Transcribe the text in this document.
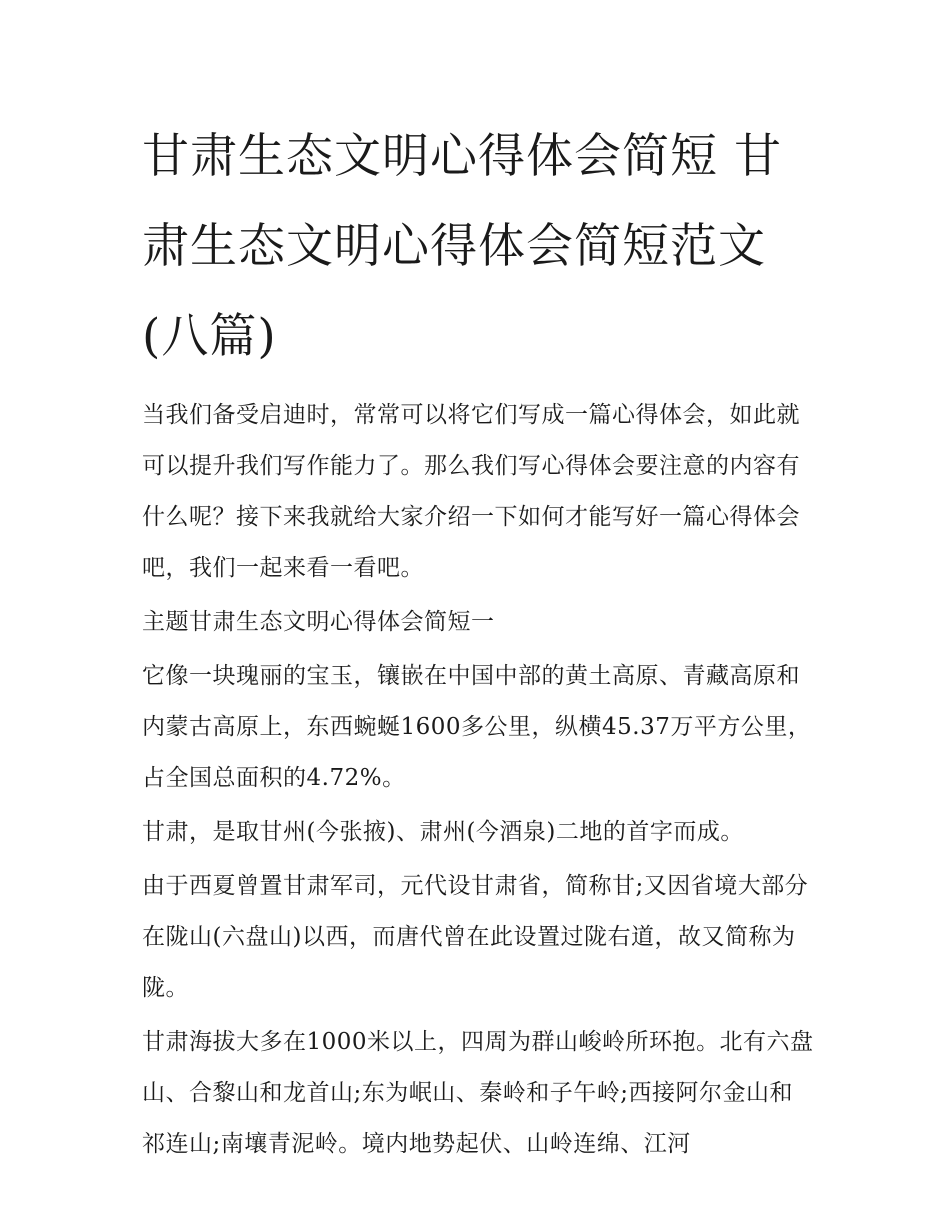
甘肃生态文明心得体会简短 甘肃生态文明心得体会简短范文(八篇)

当我们备受启迪时，常常可以将它们写成一篇心得体会，如此就可以提升我们写作能力了。那么我们写心得体会要注意的内容有什么呢？接下来我就给大家介绍一下如何才能写好一篇心得体会吧，我们一起来看一看吧。

主题甘肃生态文明心得体会简短一

它像一块瑰丽的宝玉，镶嵌在中国中部的黄土高原、青藏高原和内蒙古高原上，东西蜿蜒1600多公里，纵横45.37万平方公里，占全国总面积的4.72%。

甘肃，是取甘州(今张掖)、肃州(今酒泉)二地的首字而成。

由于西夏曾置甘肃军司，元代设甘肃省，简称甘;又因省境大部分在陇山(六盘山)以西，而唐代曾在此设置过陇右道，故又简称为陇。

甘肃海拔大多在1000米以上，四周为群山峻岭所环抱。北有六盘山、合黎山和龙首山;东为岷山、秦岭和子午岭;西接阿尔金山和祁连山;南壤青泥岭。境内地势起伏、山岭连绵、江河
